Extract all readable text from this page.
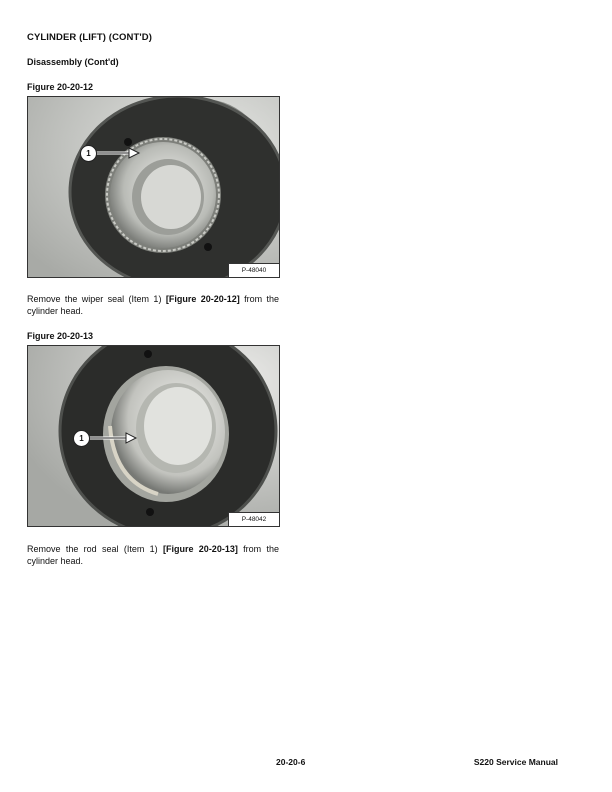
CYLINDER (LIFT) (CONT'D)
Disassembly (Cont'd)
Figure 20-20-12
1
P-48040
Remove the wiper seal (Item 1) [Figure 20-20-12] from the cylinder head.
Figure 20-20-13
1
P-48042
Remove the rod seal (Item 1) [Figure 20-20-13] from the cylinder head.
20-20-6	S220 Service Manual
